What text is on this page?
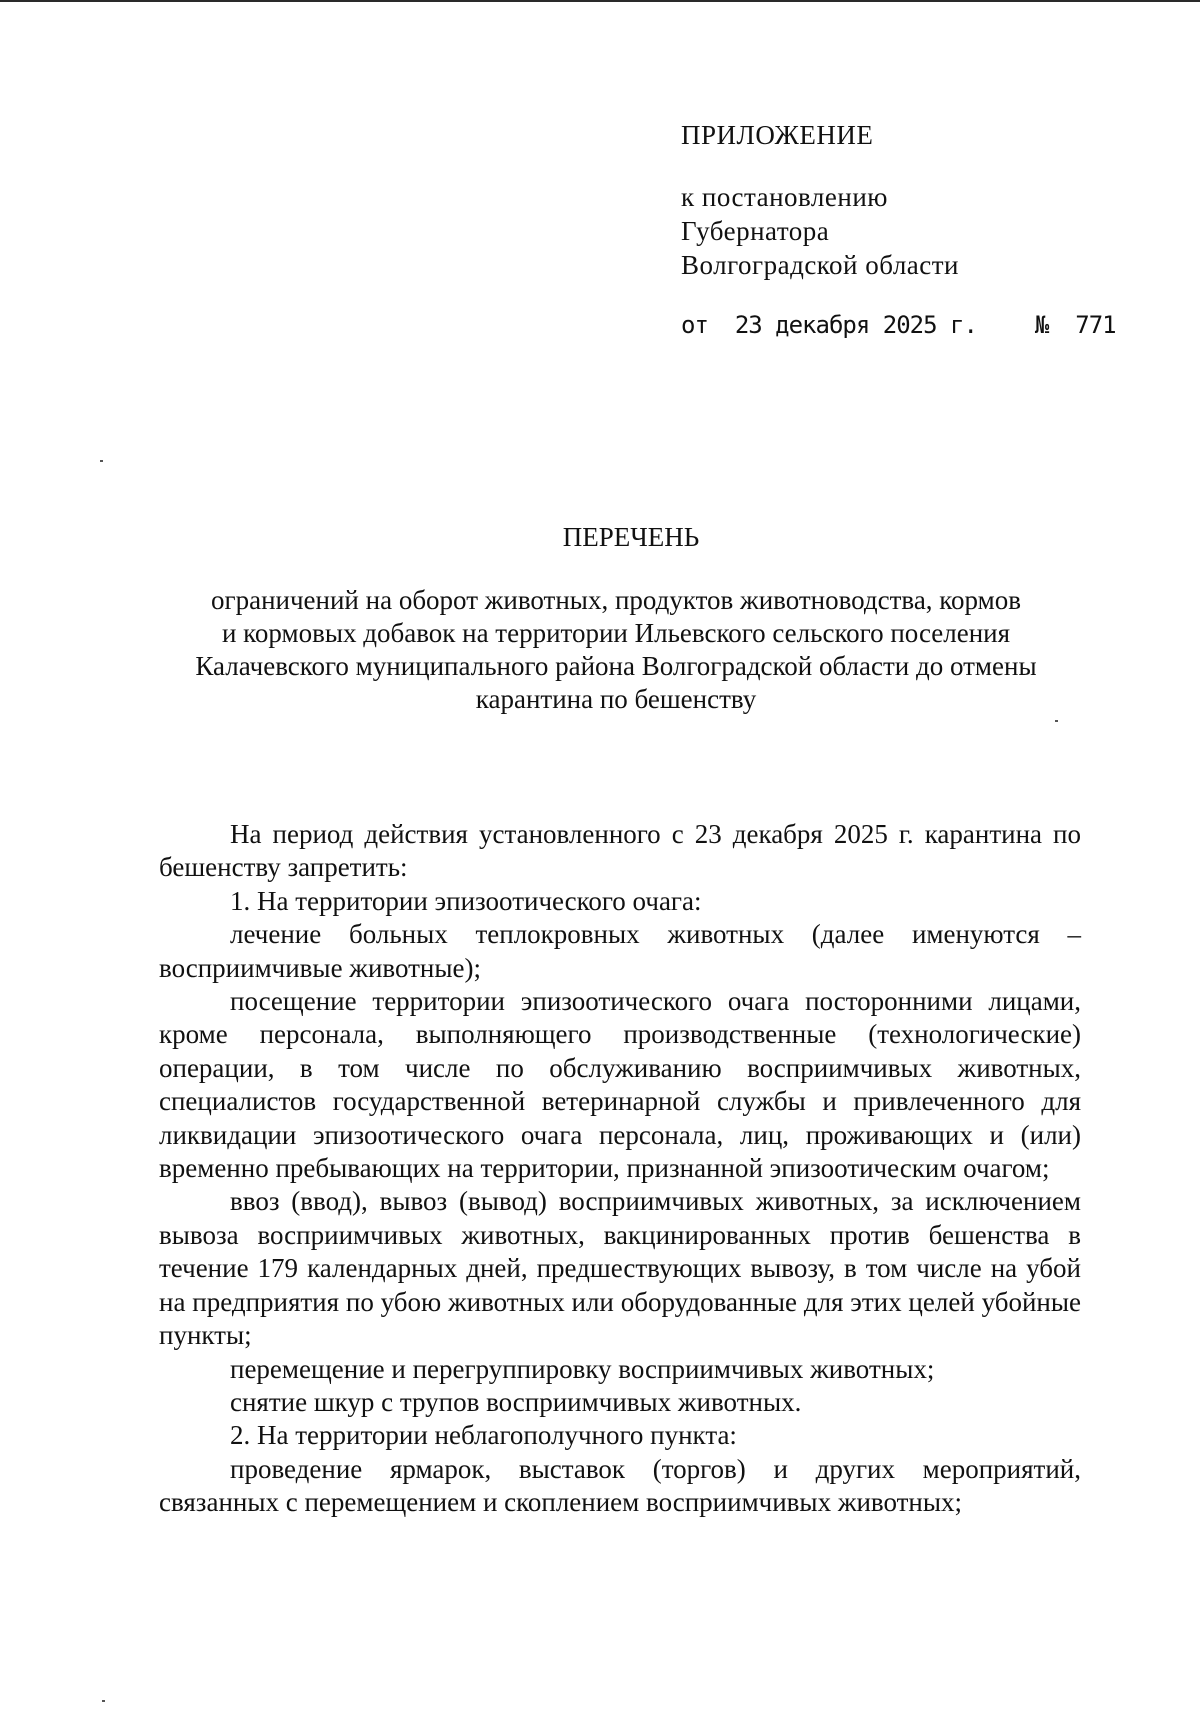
ПРИЛОЖЕНИЕ
к постановлению
Губернатора
Волгоградской области
от 23 декабря 2025 г. № 771
ПЕРЕЧЕНЬ
ограничений на оборот животных, продуктов животноводства, кормов
и кормовых добавок на территории Ильевского сельского поселения
Калачевского муниципального района Волгоградской области до отмены
карантина по бешенству

На период действия установленного с 23 декабря 2025 г. карантина по бешенству запретить:

1. На территории эпизоотического очага:

лечение больных теплокровных животных (далее именуются – восприимчивые животные);

посещение территории эпизоотического очага посторонними лицами, кроме персонала, выполняющего производственные (технологические) операции, в том числе по обслуживанию восприимчивых животных, специалистов государственной ветеринарной службы и привлеченного для ликвидации эпизоотического очага персонала, лиц, проживающих и (или) временно пребывающих на территории, признанной эпизоотическим очагом;

ввоз (ввод), вывоз (вывод) восприимчивых животных, за исключением вывоза восприимчивых животных, вакцинированных против бешенства в течение 179 календарных дней, предшествующих вывозу, в том числе на убой на предприятия по убою животных или оборудованные для этих целей убойные пункты;

перемещение и перегруппировку восприимчивых животных;

снятие шкур с трупов восприимчивых животных.

2. На территории неблагополучного пункта:

проведение ярмарок, выставок (торгов) и других мероприятий, связанных с перемещением и скоплением восприимчивых животных;
